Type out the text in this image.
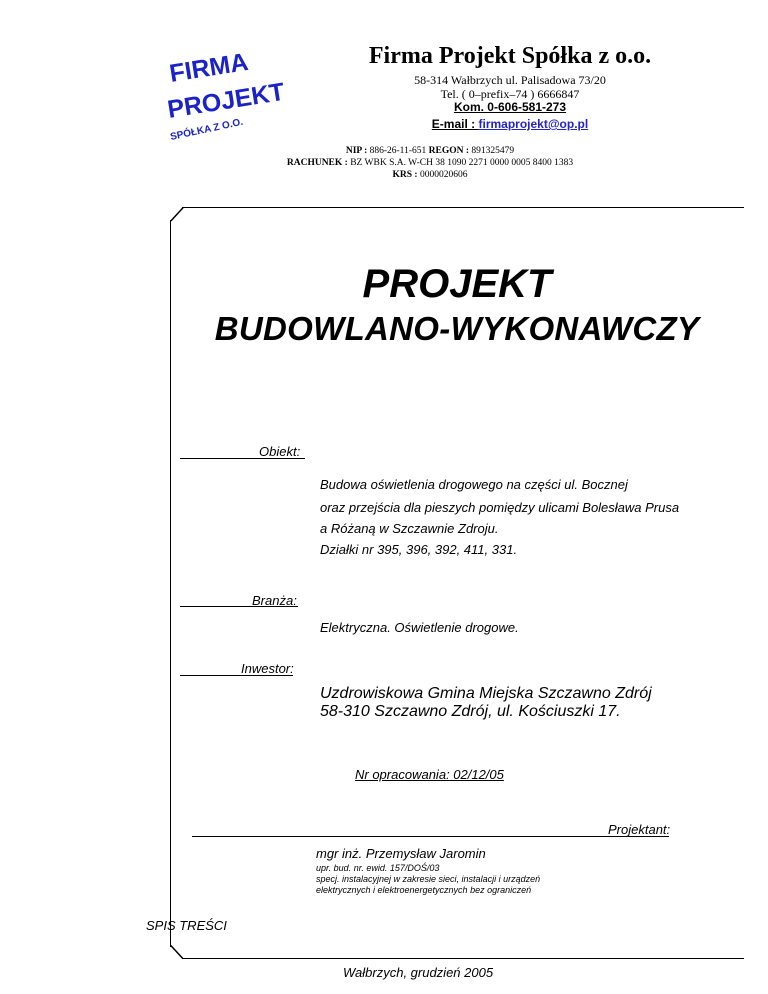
FIRMA
PROJEKT
SPÓŁKA Z O.O.
Firma Projekt Spółka z o.o.
58-314 Wałbrzych ul. Palisadowa 73/20
Tel. ( 0–prefix–74 ) 6666847
Kom. 0-606-581-273
E-mail : firmaprojekt@op.pl
NIP : 886-26-11-651 REGON : 891325479
RACHUNEK : BZ WBK S.A. W-CH 38 1090 2271 0000 0005 8400 1383
KRS : 0000020606
PROJEKT
BUDOWLANO-WYKONAWCZY
Obiekt:
Budowa oświetlenia drogowego na części ul. Bocznej
oraz przejścia dla pieszych pomiędzy ulicami Bolesława Prusa
a Różaną w Szczawnie Zdroju.
Działki nr 395, 396, 392, 411, 331.
Branża:
Elektryczna. Oświetlenie drogowe.
Inwestor:
Uzdrowiskowa Gmina Miejska Szczawno Zdrój
58-310 Szczawno Zdrój, ul. Kościuszki 17.
Nr opracowania: 02/12/05
Projektant:
mgr inż. Przemysław Jaromin
upr. bud. nr. ewid. 157/DOŚ/03
specj. instalacyjnej w zakresie sieci, instalacji i urządzeń
elektrycznych i elektroenergetycznych bez ograniczeń
SPIS TREŚCI
Wałbrzych, grudzień 2005
